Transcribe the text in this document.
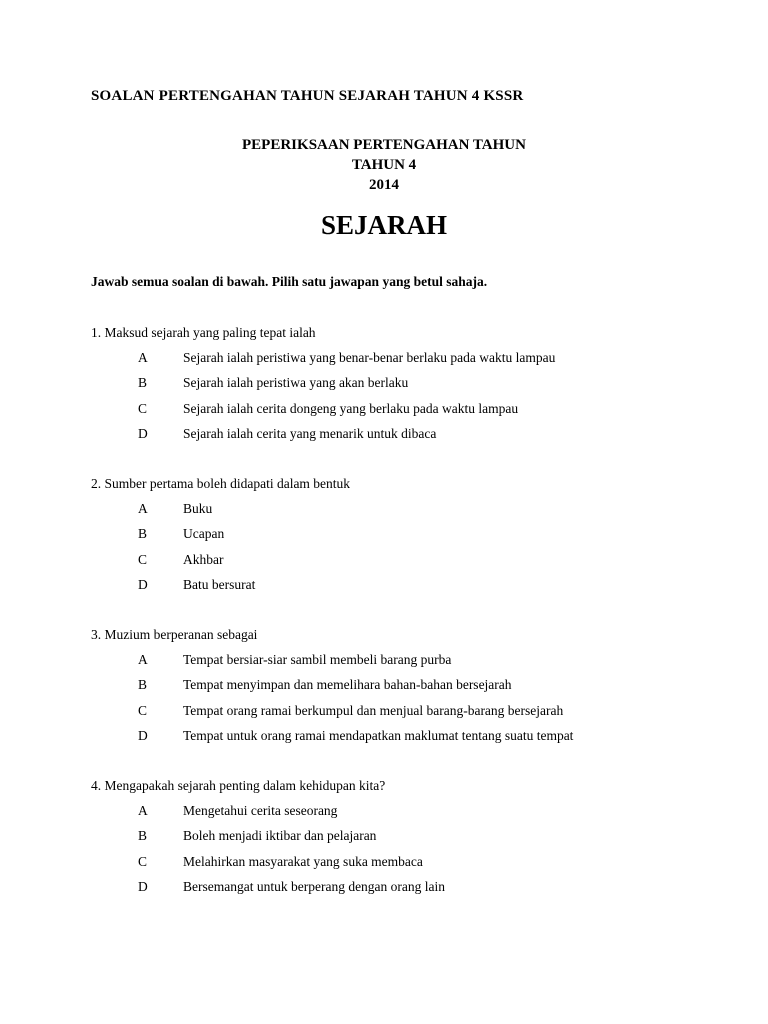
SOALAN PERTENGAHAN TAHUN SEJARAH TAHUN 4 KSSR
PEPERIKSAAN PERTENGAHAN TAHUN
TAHUN 4
2014
SEJARAH
Jawab semua soalan di bawah. Pilih satu jawapan yang betul sahaja.
1. Maksud sejarah yang paling tepat ialah
A	Sejarah ialah peristiwa yang benar-benar berlaku pada waktu lampau
B	Sejarah ialah peristiwa yang akan berlaku
C	Sejarah ialah cerita dongeng yang berlaku pada waktu lampau
D	Sejarah ialah cerita yang menarik untuk dibaca
2. Sumber pertama boleh didapati dalam bentuk
A	Buku
B	Ucapan
C	Akhbar
D	Batu bersurat
3. Muzium berperanan sebagai
A	Tempat bersiar-siar sambil membeli barang purba
B	Tempat menyimpan dan memelihara bahan-bahan bersejarah
C	Tempat orang ramai berkumpul dan menjual barang-barang bersejarah
D	Tempat untuk orang ramai mendapatkan maklumat tentang suatu tempat
4. Mengapakah sejarah penting dalam kehidupan kita?
A	Mengetahui cerita seseorang
B	Boleh menjadi iktibar dan pelajaran
C	Melahirkan masyarakat yang suka membaca
D	Bersemangat untuk berperang dengan orang lain
